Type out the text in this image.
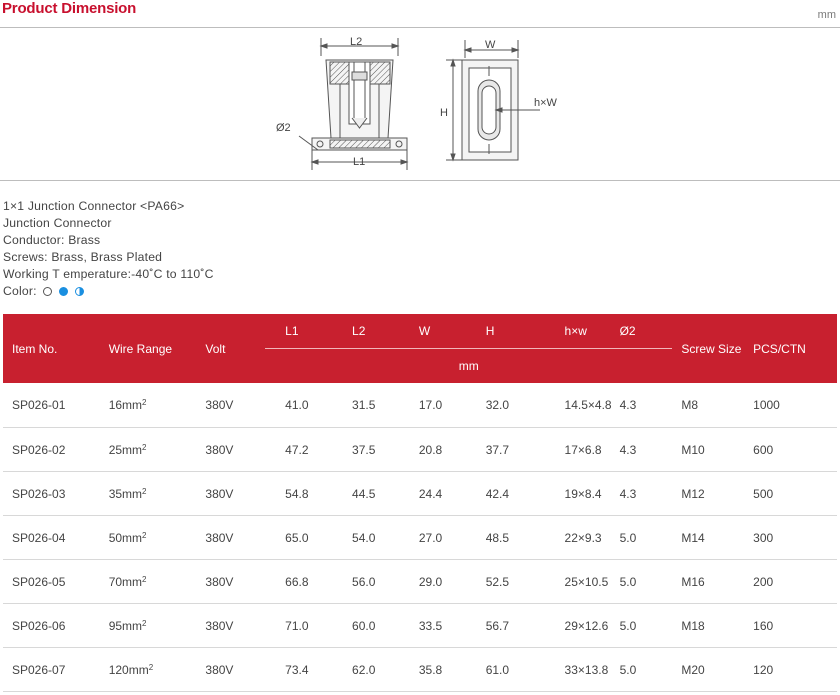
Product Dimension	mm
L2
L1
Ø2
W
H
h×W
1×1 Junction Connector <PA66>
Junction Connector
Conductor: Brass
Screws: Brass, Brass Plated
Working T emperature:-40˚C to 110˚C
Color:
Item No.	Wire Range	Volt	L1	L2	W	H	h×w	Ø2	Screw Size	PCS/CTN
			mm							
SP026-01	$16mm^2$	380V	41.0	31.5	17.0	32.0	14.5×4.8	4.3	M8	1000
SP026-02	$25mm^2$	380V	47.2	37.5	20.8	37.7	17×6.8	4.3	M10	600
SP026-03	$35mm^2$	380V	54.8	44.5	24.4	42.4	19×8.4	4.3	M12	500
SP026-04	$50mm^2$	380V	65.0	54.0	27.0	48.5	22×9.3	5.0	M14	300
SP026-05	$70mm^2$	380V	66.8	56.0	29.0	52.5	25×10.5	5.0	M16	200
SP026-06	$95mm^2$	380V	71.0	60.0	33.5	56.7	29×12.6	5.0	M18	160
SP026-07	$120mm^2$	380V	73.4	62.0	35.8	61.0	33×13.8	5.0	M20	120
